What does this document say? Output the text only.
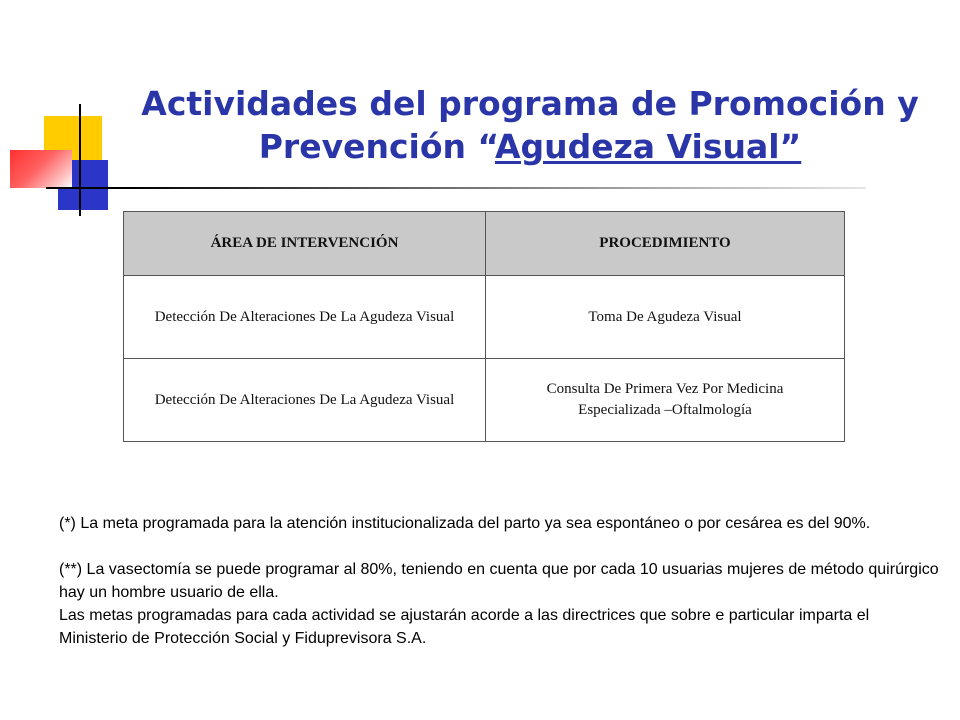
Actividades del programa de Promoción y
Prevención “Agudeza Visual”
ÁREA DE INTERVENCIÓN	PROCEDIMIENTO
Detección De Alteraciones De La Agudeza Visual	Toma De Agudeza Visual
Detección De Alteraciones De La Agudeza Visual	Consulta De Primera Vez Por Medicina Especializada –Oftalmología

(*) La meta programada para la atención institucionalizada del parto ya sea espontáneo o por cesárea es del 90%.

(**) La vasectomía se puede programar al 80%, teniendo en cuenta que por cada 10 usuarias mujeres de método quirúrgico hay un hombre usuario de ella.

Las metas programadas para cada actividad se ajustarán acorde a las directrices que sobre e particular imparta el Ministerio de Protección Social y Fiduprevisora S.A.
